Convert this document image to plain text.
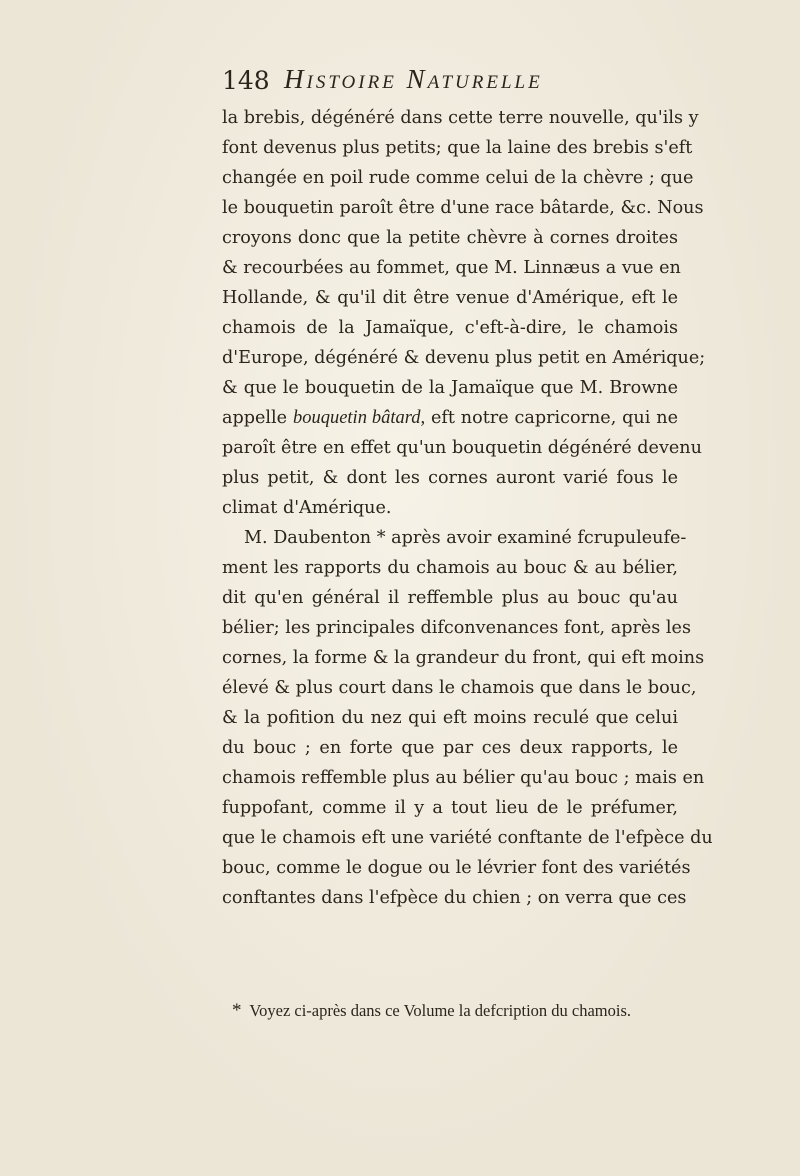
148 Histoire Naturelle
la brebis, dégénéré dans cette terre nouvelle, qu'ils y
font devenus plus petits; que la laine des brebis s'eft
changée en poil rude comme celui de la chèvre ; que
le bouquetin paroît être d'une race bâtarde, &c. Nous
croyons donc que la petite chèvre à cornes droites
& recourbées au fommet, que M. Linnæus a vue en
Hollande, & qu'il dit être venue d'Amérique, eft le
chamois de la Jamaïque, c'eft-à-dire, le chamois
d'Europe, dégénéré & devenu plus petit en Amérique;
& que le bouquetin de la Jamaïque que M. Browne
appelle bouquetin bâtard, eft notre capricorne, qui ne
paroît être en effet qu'un bouquetin dégénéré devenu
plus petit, & dont les cornes auront varié fous le
climat d'Amérique.
M. Daubenton * après avoir examiné fcrupuleufe-
ment les rapports du chamois au bouc & au bélier,
dit qu'en général il reffemble plus au bouc qu'au
bélier; les principales difconvenances font, après les
cornes, la forme & la grandeur du front, qui eft moins
élevé & plus court dans le chamois que dans le bouc,
& la pofition du nez qui eft moins reculé que celui
du bouc ; en forte que par ces deux rapports, le
chamois reffemble plus au bélier qu'au bouc ; mais en
fuppofant, comme il y a tout lieu de le préfumer,
que le chamois eft une variété conftante de l'efpèce du
bouc, comme le dogue ou le lévrier font des variétés
conftantes dans l'efpèce du chien ; on verra que ces
* Voyez ci-après dans ce Volume la defcription du chamois.
